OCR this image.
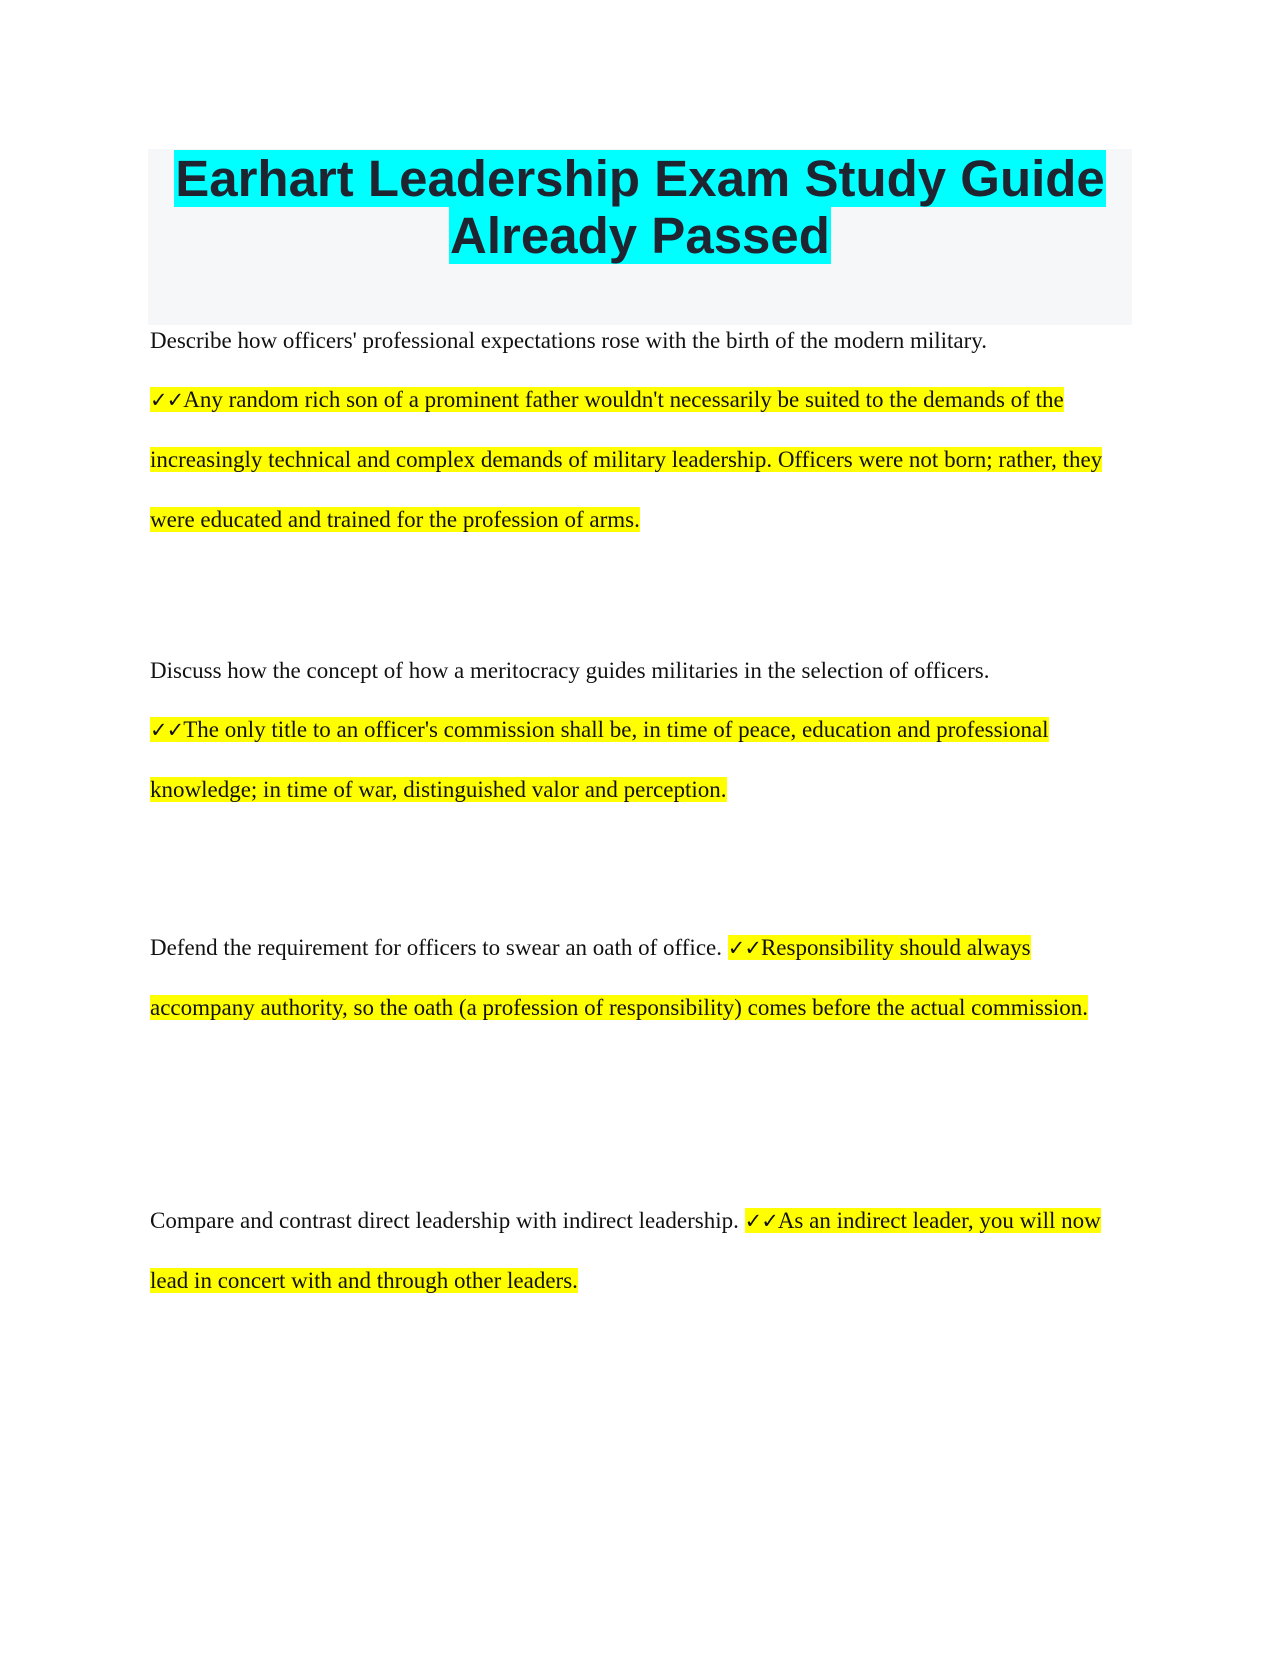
Earhart Leadership Exam Study Guide
Already Passed
Describe how officers' professional expectations rose with the birth of the modern military.
✓✓Any random rich son of a prominent father wouldn't necessarily be suited to the demands of the increasingly technical and complex demands of military leadership. Officers were not born; rather, they were educated and trained for the profession of arms.
Discuss how the concept of how a meritocracy guides militaries in the selection of officers.
✓✓The only title to an officer's commission shall be, in time of peace, education and professional knowledge; in time of war, distinguished valor and perception.
Defend the requirement for officers to swear an oath of office. ✓✓Responsibility should always accompany authority, so the oath (a profession of responsibility) comes before the actual commission.
Compare and contrast direct leadership with indirect leadership. ✓✓As an indirect leader, you will now lead in concert with and through other leaders.
